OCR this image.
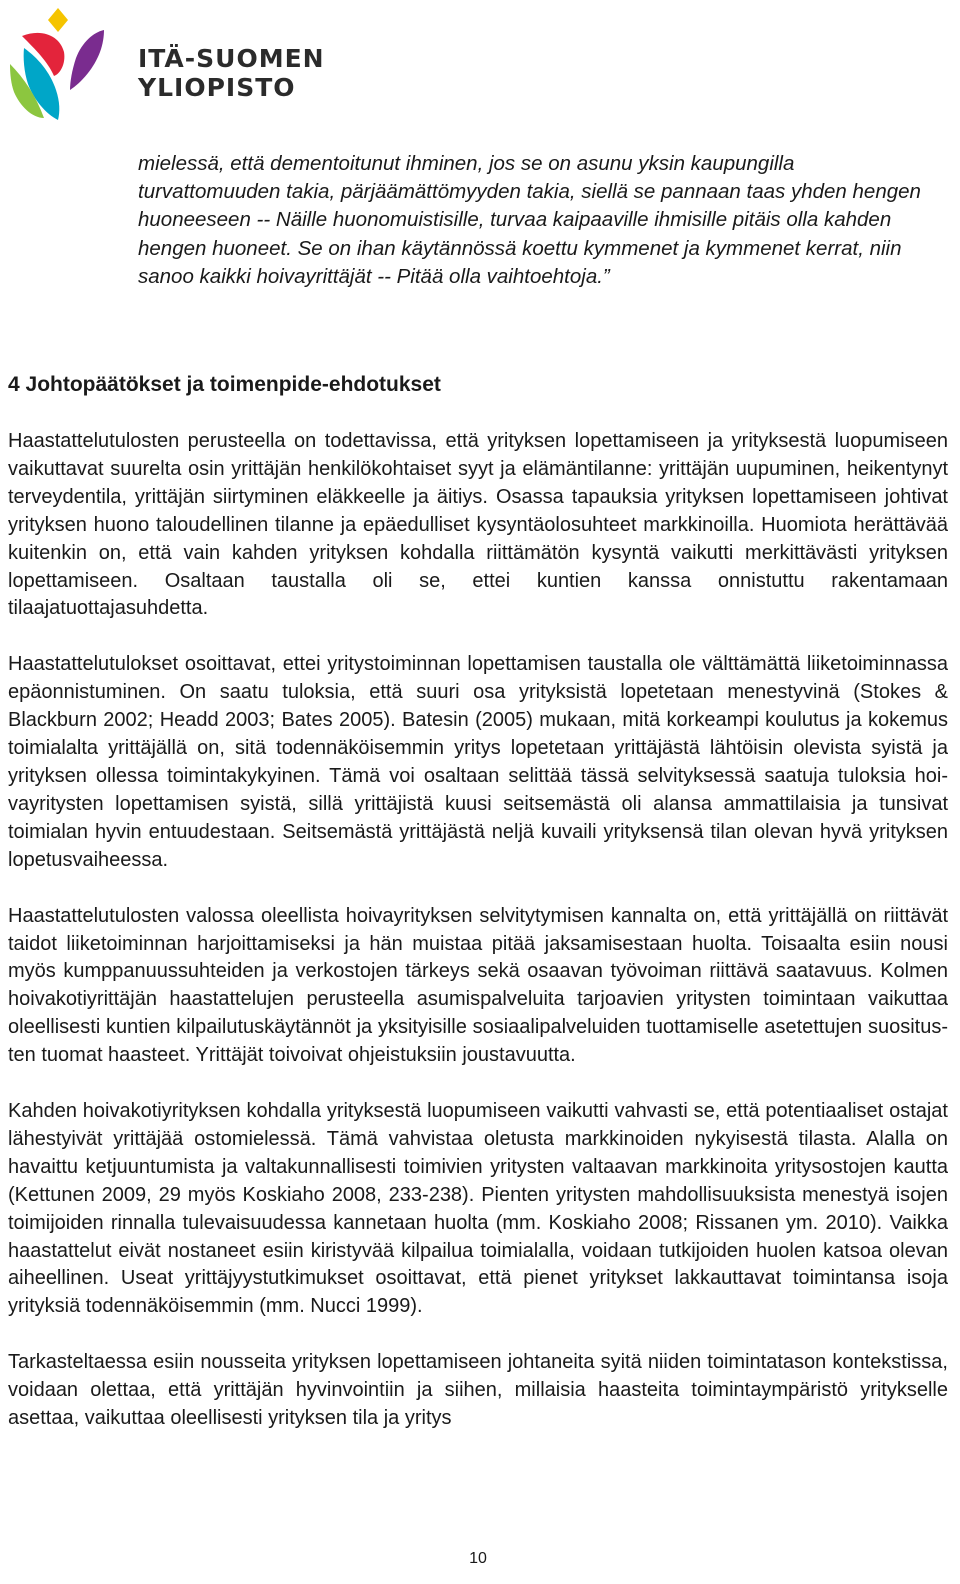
ITÄ-SUOMEN
YLIOPISTO

mielessä, että dementoitunut ihminen, jos se on asunu yksin kaupungilla turvattomuuden takia, pärjäämättömyyden takia, siellä se pannaan taas yhden hengen huoneeseen -- Näille huonomuistisille, turvaa kaipaaville ihmisille pitäis olla kahden hengen huoneet. Se on ihan käytännössä koettu kymmenet ja kymmenet kerrat, niin sanoo kaikki hoivayrittäjät -- Pitää olla vaihtoehtoja.”

4 Johtopäätökset ja toimenpide-ehdotukset

Haastattelutulosten perusteella on todettavissa, että yrityksen lopettamiseen ja yrityksestä luopumiseen vaikuttavat suurelta osin yrittäjän henkilökohtaiset syyt ja elämäntilanne: yrittäjän uupuminen, heikentynyt terveydentila, yrittäjän siirtyminen eläkkeelle ja äitiys. Osassa tapauksia yrityksen lopettamiseen johtivat yrityksen huono taloudellinen tilanne ja epäedulliset kysyntäolosuhteet markkinoilla. Huomiota herättävää kuitenkin on, että vain kahden yrityksen kohdalla riittämätön kysyntä vaikutti merkittävästi yrityksen lopettamiseen. Osaltaan taustalla oli se, ettei kuntien kanssa onnistuttu rakentamaan tilaajatuottajasuhdetta.

Haastattelutulokset osoittavat, ettei yritystoiminnan lopettamisen taustalla ole välttämättä liiketoiminnassa epäonnistuminen. On saatu tuloksia, että suuri osa yrityksistä lopetetaan menestyvinä (Stokes & Blackburn 2002; Headd 2003; Bates 2005). Batesin (2005) mukaan, mitä korkeampi koulutus ja kokemus toimialalta yrittäjällä on, sitä todennäköisemmin yritys lopetetaan yrittäjästä lähtöisin olevista syistä ja yrityksen ollessa toimintakykyinen. Tämä voi osaltaan selittää tässä selvityksessä saatuja tuloksia hoivayritysten lopettamisen syistä, sillä yrittäjistä kuusi seitsemästä oli alansa ammattilaisia ja tunsivat toimialan hyvin entuudestaan. Seitsemästä yrittäjästä neljä kuvaili yrityksensä tilan olevan hyvä yrityksen lopetusvaiheessa.

Haastattelutulosten valossa oleellista hoivayrityksen selvitytymisen kannalta on, että yrittäjällä on riittävät taidot liiketoiminnan harjoittamiseksi ja hän muistaa pitää jaksamisestaan huolta. Toisaalta esiin nousi myös kumppanuussuhteiden ja verkostojen tärkeys sekä osaavan työvoiman riittävä saatavuus. Kolmen hoivakotiyrittäjän haastattelujen perusteella asumispalveluita tarjoavien yritysten toimintaan vaikuttaa oleellisesti kuntien kilpailutuskäytännöt ja yksityisille sosiaalipalveluiden tuottamiselle asetettujen suositusten tuomat haasteet. Yrittäjät toivoivat ohjeistuksiin joustavuutta.

Kahden hoivakotiyrityksen kohdalla yrityksestä luopumiseen vaikutti vahvasti se, että potentiaaliset ostajat lähestyivät yrittäjää ostomielessä. Tämä vahvistaa oletusta markkinoiden nykyisestä tilasta. Alalla on havaittu ketjuuntumista ja valtakunnallisesti toimivien yritysten valtaavan markkinoita yritysostojen kautta (Kettunen 2009, 29 myös Koskiaho 2008, 233-238). Pienten yritysten mahdollisuuksista menestyä isojen toimijoiden rinnalla tulevaisuudessa kannetaan huolta (mm. Koskiaho 2008; Rissanen ym. 2010). Vaikka haastattelut eivät nostaneet esiin kiristyvää kilpailua toimialalla, voidaan tutkijoiden huolen katsoa olevan aiheellinen. Useat yrittäjyystutkimukset osoittavat, että pienet yritykset lakkauttavat toimintansa isoja yrityksiä todennäköisemmin (mm. Nucci 1999).

Tarkasteltaessa esiin nousseita yrityksen lopettamiseen johtaneita syitä niiden toimintatason kontekstissa, voidaan olettaa, että yrittäjän hyvinvointiin ja siihen, millaisia haasteita toimintaympäristö yritykselle asettaa, vaikuttaa oleellisesti yrityksen tila ja yritys

10
